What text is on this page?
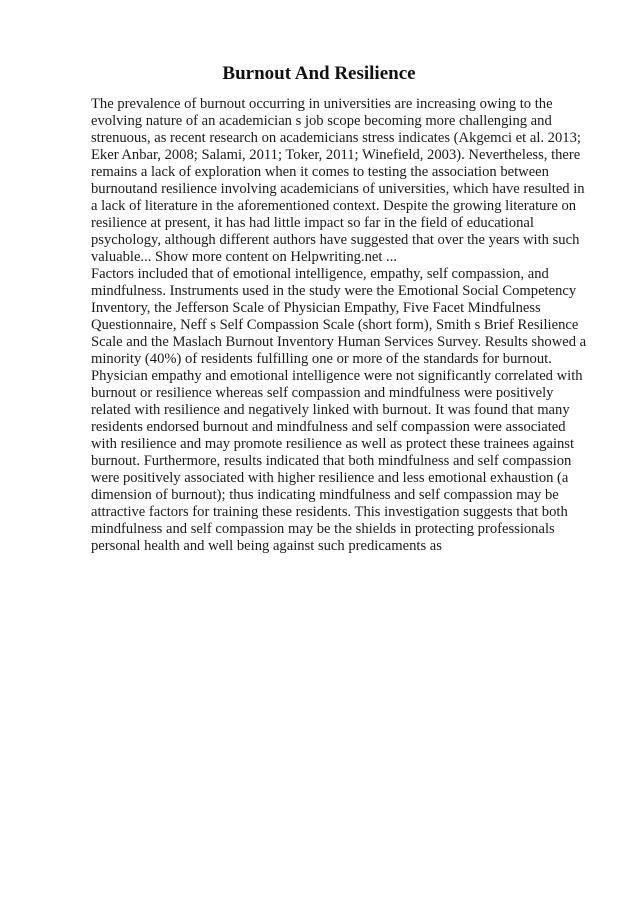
Burnout And Resilience

The prevalence of burnout occurring in universities are increasing owing to the

evolving nature of an academician s job scope becoming more challenging and

strenuous, as recent research on academicians stress indicates (Akgemci et al. 2013;

Eker Anbar, 2008; Salami, 2011; Toker, 2011; Winefield, 2003). Nevertheless, there

remains a lack of exploration when it comes to testing the association between

burnoutand resilience involving academicians of universities, which have resulted in

a lack of literature in the aforementioned context. Despite the growing literature on

resilience at present, it has had little impact so far in the field of educational

psychology, although different authors have suggested that over the years with such

valuable... Show more content on Helpwriting.net ...

Factors included that of emotional intelligence, empathy, self compassion, and

mindfulness. Instruments used in the study were the Emotional Social Competency

Inventory, the Jefferson Scale of Physician Empathy, Five Facet Mindfulness

Questionnaire, Neff s Self Compassion Scale (short form), Smith s Brief Resilience

Scale and the Maslach Burnout Inventory Human Services Survey. Results showed a

minority (40%) of residents fulfilling one or more of the standards for burnout.

Physician empathy and emotional intelligence were not significantly correlated with

burnout or resilience whereas self compassion and mindfulness were positively

related with resilience and negatively linked with burnout. It was found that many

residents endorsed burnout and mindfulness and self compassion were associated

with resilience and may promote resilience as well as protect these trainees against

burnout. Furthermore, results indicated that both mindfulness and self compassion

were positively associated with higher resilience and less emotional exhaustion (a

dimension of burnout); thus indicating mindfulness and self compassion may be

attractive factors for training these residents. This investigation suggests that both

mindfulness and self compassion may be the shields in protecting professionals

personal health and well being against such predicaments as
